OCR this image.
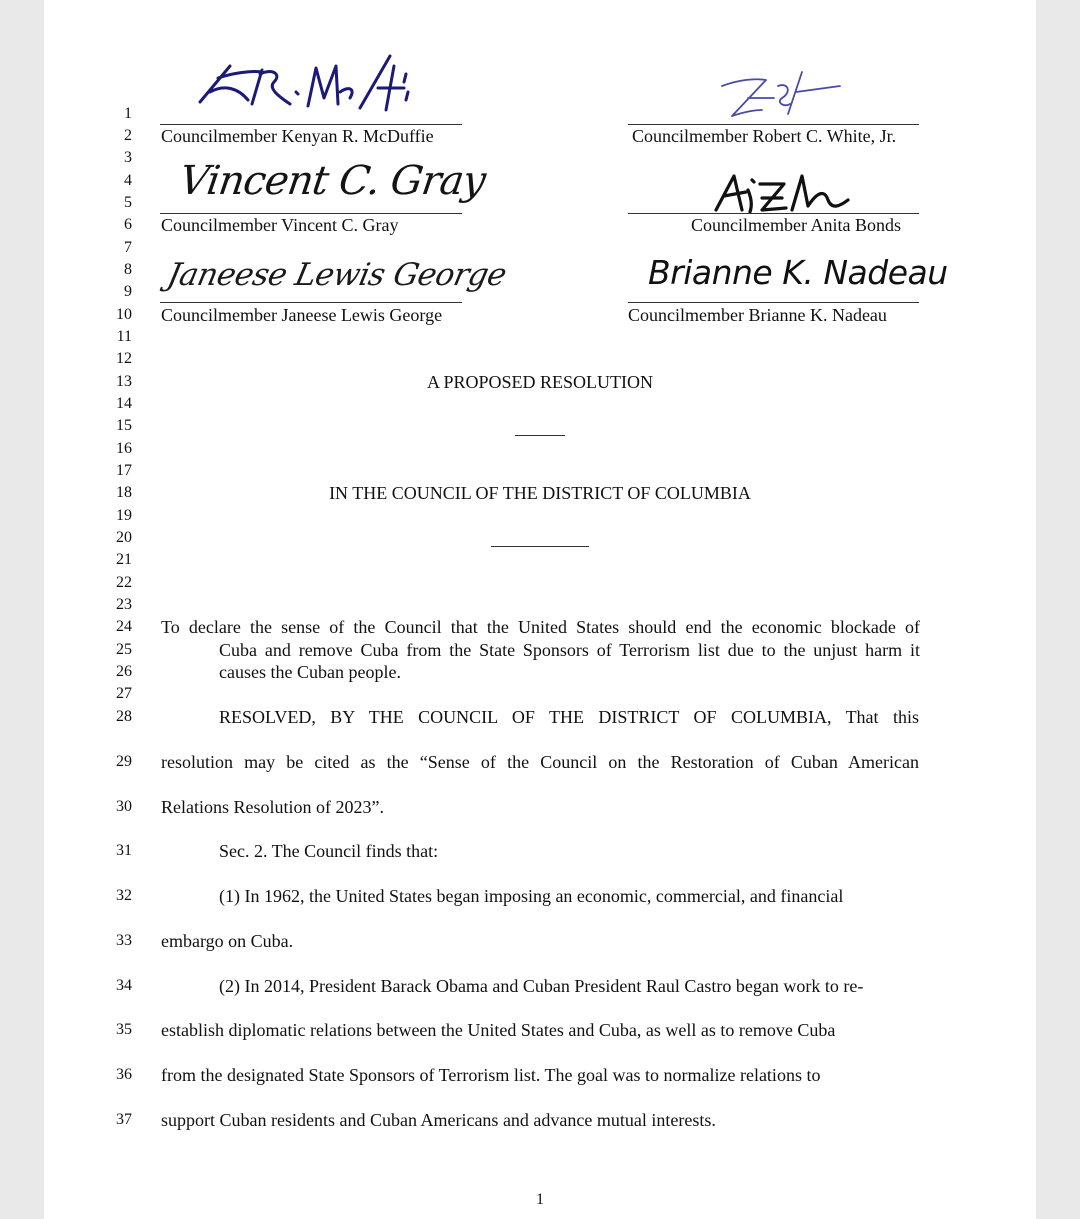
1
2
3
4
5
6
7
8
9
10
11
12
13
14
15
16
17
18
19
20
21
22
23
24
25
26
27
28
29
30
31
32
33
34
35
36
37
Councilmember Kenyan R. McDuffie	Councilmember Robert C. White, Jr.
Vincent C. Gray
Councilmember Vincent C. Gray	Councilmember Anita Bonds
Janeese Lewis George
Councilmember Janeese Lewis George
Brianne K. Nadeau
Councilmember Brianne K. Nadeau
A PROPOSED RESOLUTION
IN THE COUNCIL OF THE DISTRICT OF COLUMBIA
To declare the sense of the Council that the United States should end the economic blockade of
Cuba and remove Cuba from the State Sponsors of Terrorism list due to the unjust harm it
causes the Cuban people.
RESOLVED, BY THE COUNCIL OF THE DISTRICT OF COLUMBIA, That this
resolution may be cited as the “Sense of the Council on the Restoration of Cuban American
Relations Resolution of 2023”.
Sec. 2. The Council finds that:
(1) In 1962, the United States began imposing an economic, commercial, and financial
embargo on Cuba.
(2) In 2014, President Barack Obama and Cuban President Raul Castro began work to re-
establish diplomatic relations between the United States and Cuba, as well as to remove Cuba
from the designated State Sponsors of Terrorism list. The goal was to normalize relations to
support Cuban residents and Cuban Americans and advance mutual interests.
1
